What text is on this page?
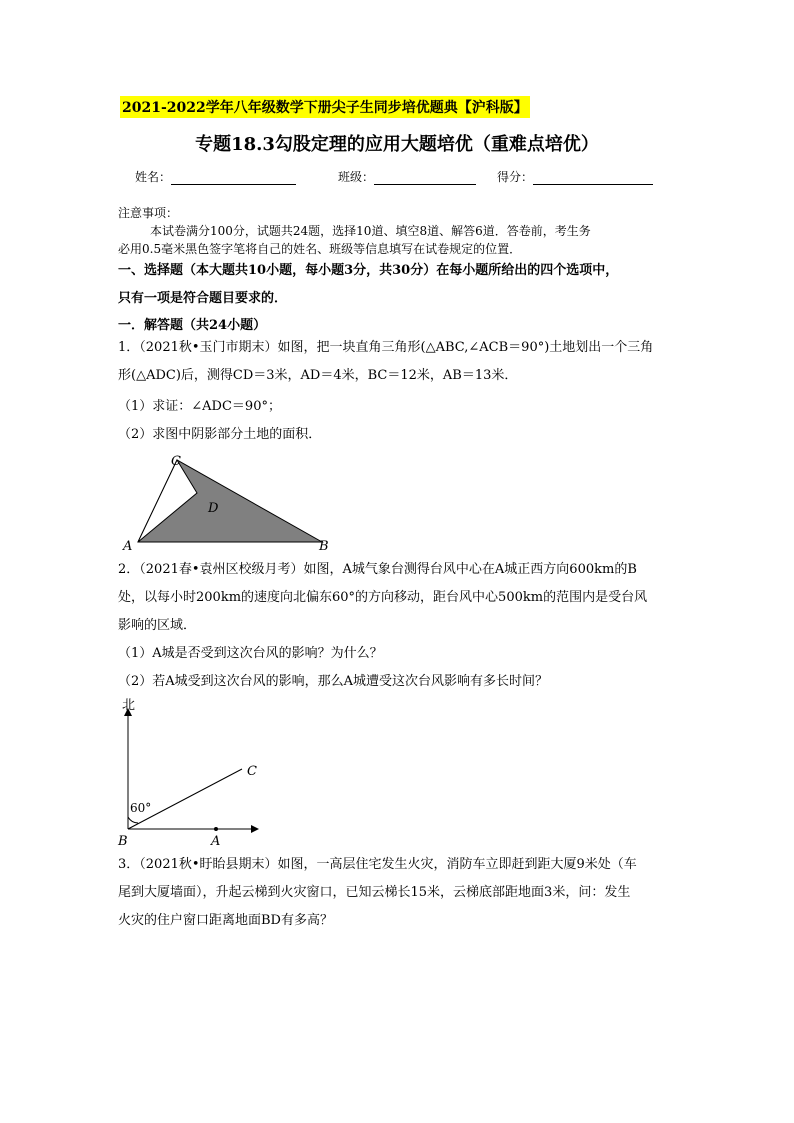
2021-2022学年八年级数学下册尖子生同步培优题典【沪科版】
专题18.3勾股定理的应用大题培优（重难点培优）
姓名：	班级：	得分：
注意事项：
本试卷满分100分，试题共24题，选择10道、填空8道、解答6道．答卷前，考生务
必用0.5毫米黑色签字笔将自己的姓名、班级等信息填写在试卷规定的位置．
一、选择题（本大题共10小题，每小题3分，共30分）在每小题所给出的四个选项中，
只有一项是符合题目要求的．
一．解答题（共24小题）
1．（2021秋•玉门市期末）如图，把一块直角三角形(△ABC,∠ACB＝90°)土地划出一个三角
形(△ADC)后，测得CD＝3米，AD＝4米，BC＝12米，AB＝13米．
（1）求证：∠ADC＝90°；
（2）求图中阴影部分土地的面积．
C
D
A	B
2．（2021春•袁州区校级月考）如图，A城气象台测得台风中心在A城正西方向600km的B
处，以每小时200km的速度向北偏东60°的方向移动，距台风中心500km的范围内是受台风
影响的区域．
（1）A城是否受到这次台风的影响？为什么？
（2）若A城受到这次台风的影响，那么A城遭受这次台风影响有多长时间？
北
60°
B	A
C
3．（2021秋•盱眙县期末）如图，一高层住宅发生火灾，消防车立即赶到距大厦9米处（车
尾到大厦墙面），升起云梯到火灾窗口，已知云梯长15米，云梯底部距地面3米，问：发生
火灾的住户窗口距离地面BD有多高？
